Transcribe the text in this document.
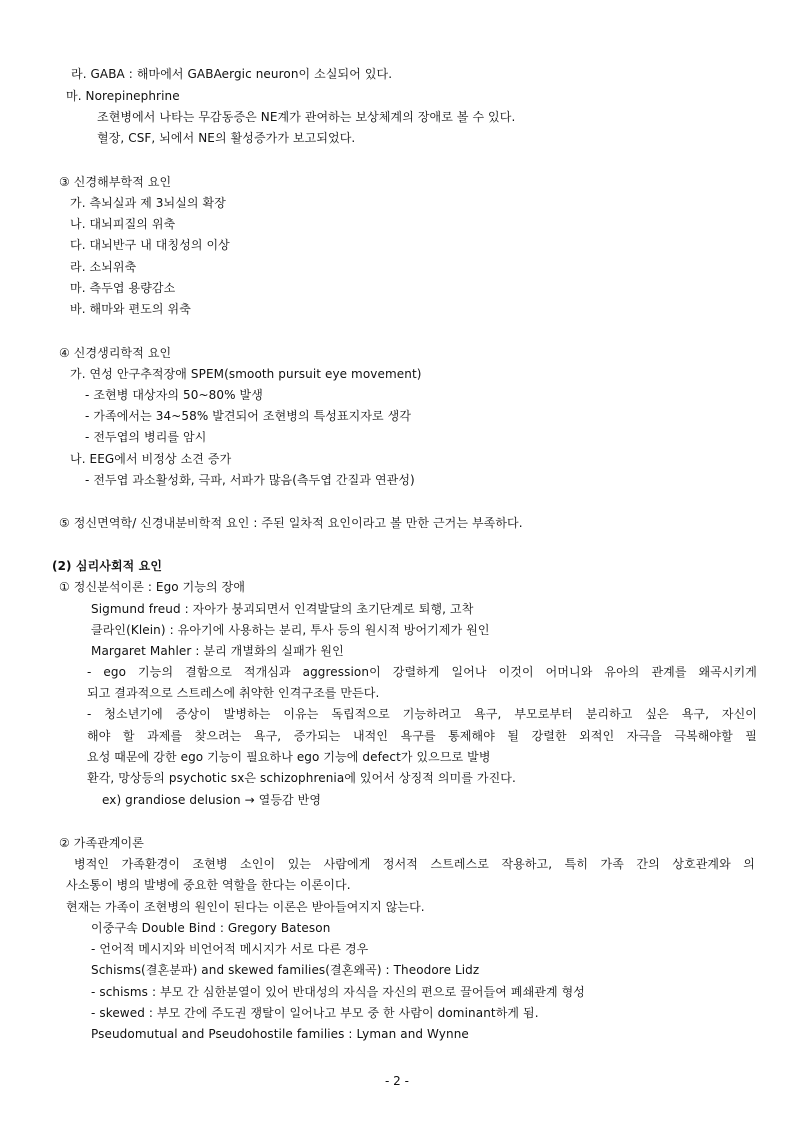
라. GABA : 해마에서 GABAergic neuron이 소실되어 있다.
마. Norepinephrine
조현병에서 나타는 무감동증은 NE계가 관여하는 보상체계의 장애로 볼 수 있다.
혈장, CSF, 뇌에서 NE의 활성증가가 보고되었다.
③ 신경해부학적 요인
가. 측뇌실과 제 3뇌실의 확장
나. 대뇌피질의 위축
다. 대뇌반구 내 대칭성의 이상
라. 소뇌위축
마. 측두엽 용량감소
바. 해마와 편도의 위축
④ 신경생리학적 요인
가. 연성 안구추적장애 SPEM(smooth pursuit eye movement)
- 조현병 대상자의 50~80% 발생
- 가족에서는 34~58% 발견되어 조현병의 특성표지자로 생각
- 전두엽의 병리를 암시
나. EEG에서 비정상 소견 증가
- 전두엽 과소활성화, 극파, 서파가 많음(측두엽 간질과 연관성)
⑤ 정신면역학/ 신경내분비학적 요인 : 주된 일차적 요인이라고 볼 만한 근거는 부족하다.
(2) 심리사회적 요인
① 정신분석이론 : Ego 기능의 장애
Sigmund freud : 자아가 붕괴되면서 인격발달의 초기단계로 퇴행, 고착
클라인(Klein) : 유아기에 사용하는 분리, 투사 등의 원시적 방어기제가 원인
Margaret Mahler : 분리 개별화의 실패가 원인
- ego 기능의 결함으로 적개심과 aggression이 강렬하게 일어나 이것이 어머니와 유아의 관계를 왜곡시키게
되고 결과적으로 스트레스에 취약한 인격구조를 만든다.
- 청소년기에 증상이 발병하는 이유는 독립적으로 기능하려고 욕구, 부모로부터 분리하고 싶은 욕구, 자신이
해야 할 과제를 찾으려는 욕구, 증가되는 내적인 욕구를 통제해야 될 강렬한 외적인 자극을 극복해야할 필
요성 때문에 강한 ego 기능이 필요하나 ego 기능에 defect가 있으므로 발병
환각, 망상등의 psychotic sx은 schizophrenia에 있어서 상징적 의미를 가진다.
ex) grandiose delusion → 열등감 반영
② 가족관계이론
병적인 가족환경이 조현병 소인이 있는 사람에게 정서적 스트레스로 작용하고, 특히 가족 간의 상호관계와 의
사소통이 병의 발병에 중요한 역할을 한다는 이론이다.
현재는 가족이 조현병의 원인이 된다는 이론은 받아들여지지 않는다.
이중구속 Double Bind : Gregory Bateson
- 언어적 메시지와 비언어적 메시지가 서로 다른 경우
Schisms(결혼분파) and skewed families(결혼왜곡) : Theodore Lidz
- schisms : 부모 간 심한분열이 있어 반대성의 자식을 자신의 편으로 끌어들여 폐쇄관계 형성
- skewed : 부모 간에 주도권 쟁탈이 일어나고 부모 중 한 사람이 dominant하게 됨.
Pseudomutual and Pseudohostile families : Lyman and Wynne
- 2 -
